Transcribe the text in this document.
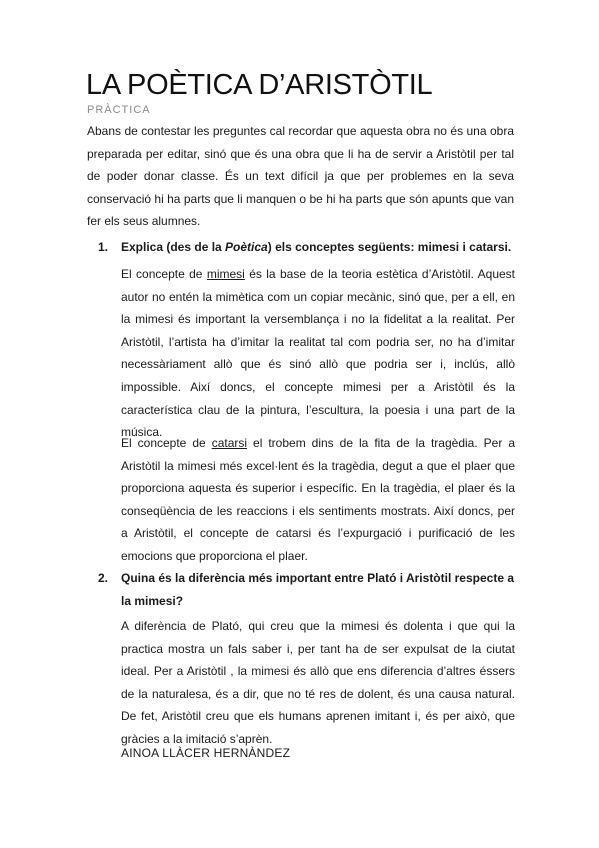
LA POÈTICA D’ARISTÒTIL
PRÀCTICA

Abans de contestar les preguntes cal recordar que aquesta obra no és una obra preparada per editar, sinó que és una obra que li ha de servir a Aristòtil per tal de poder donar classe. És un text difícil ja que per problemes en la seva conservació hi ha parts que li manquen o be hi ha parts que són apunts que van fer els seus alumnes.

1. Explica (des de la Poètica) els conceptes següents: mimesi i catarsi.

El concepte de mimesi és la base de la teoria estètica d’Aristòtil. Aquest autor no entén la mimètica com un copiar mecànic, sinó que, per a ell, en la mimesi és important la versemblança i no la fidelitat a la realitat. Per Aristòtil, l’artista ha d’imitar la realitat tal com podria ser, no ha d’imitar necessàriament allò que és sinó allò que podria ser i, inclús, allò impossible. Així doncs, el concepte mimesi per a Aristòtil és la característica clau de la pintura, l’escultura, la poesia i una part de la música.

El concepte de catarsi el trobem dins de la fita de la tragèdia. Per a Aristòtil la mimesi més excel·lent és la tragèdia, degut a que el plaer que proporciona aquesta és superior i específic. En la tragèdia, el plaer és la conseqüència de les reaccions i els sentiments mostrats. Així doncs, per a Aristòtil, el concepte de catarsi és l’expurgació i purificació de les emocions que proporciona el plaer.

2. Quina és la diferència més important entre Plató i Aristòtil respecte a la mimesi?

A diferència de Plató, qui creu que la mimesi és dolenta i que qui la practica mostra un fals saber i, per tant ha de ser expulsat de la ciutat ideal. Per a Aristòtil , la mimesi és allò que ens diferencia d’altres éssers de la naturalesa, és a dir, que no té res de dolent, és una causa natural. De fet, Aristòtil creu que els humans aprenen imitant i, és per això, que gràcies a la imitació s’aprèn.

AINOA LLÀCER HERNÀNDEZ
